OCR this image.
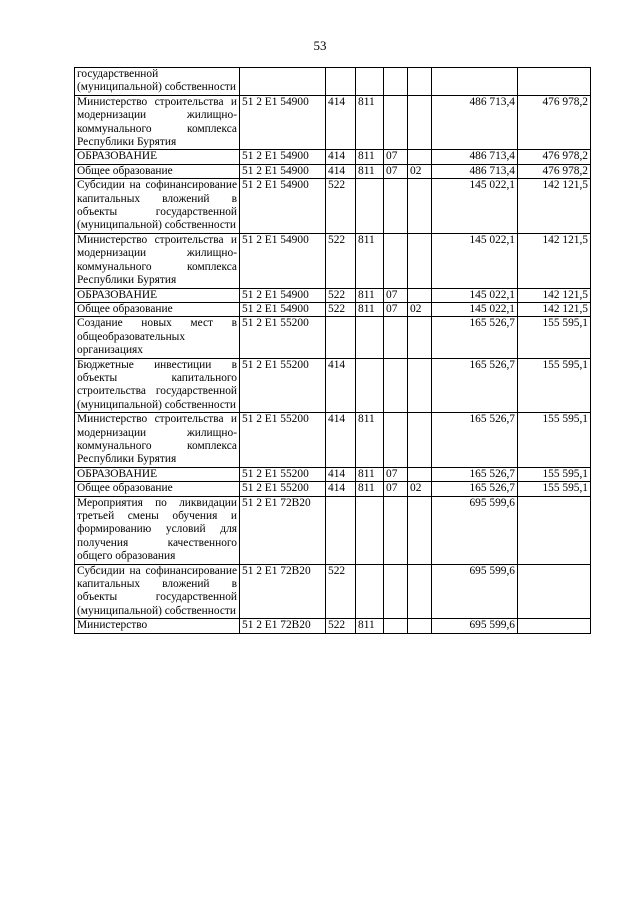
53
государственной (муниципальной) собственности							
Министерство строительства и модернизации жилищно-коммунального комплекса Республики Бурятия	51 2 E1 54900	414	811			486 713,4	476 978,2
ОБРАЗОВАНИЕ	51 2 E1 54900	414	811	07		486 713,4	476 978,2
Общее образование	51 2 E1 54900	414	811	07	02	486 713,4	476 978,2
Субсидии на софинансирование капитальных вложений в объекты государственной (муниципальной) собственности	51 2 E1 54900	522				145 022,1	142 121,5
Министерство строительства и модернизации жилищно-коммунального комплекса Республики Бурятия	51 2 E1 54900	522	811			145 022,1	142 121,5
ОБРАЗОВАНИЕ	51 2 E1 54900	522	811	07		145 022,1	142 121,5
Общее образование	51 2 E1 54900	522	811	07	02	145 022,1	142 121,5
Создание новых мест в общеобразовательных организациях	51 2 E1 55200					165 526,7	155 595,1
Бюджетные инвестиции в объекты капитального строительства государственной (муниципальной) собственности	51 2 E1 55200	414				165 526,7	155 595,1
Министерство строительства и модернизации жилищно-коммунального комплекса Республики Бурятия	51 2 E1 55200	414	811			165 526,7	155 595,1
ОБРАЗОВАНИЕ	51 2 E1 55200	414	811	07		165 526,7	155 595,1
Общее образование	51 2 E1 55200	414	811	07	02	165 526,7	155 595,1
Мероприятия по ликвидации третьей смены обучения и формированию условий для получения качественного общего образования	51 2 E1 72B20					695 599,6	
Субсидии на софинансирование капитальных вложений в объекты государственной (муниципальной) собственности	51 2 E1 72B20	522				695 599,6	
Министерство	51 2 E1 72B20	522	811			695 599,6	
